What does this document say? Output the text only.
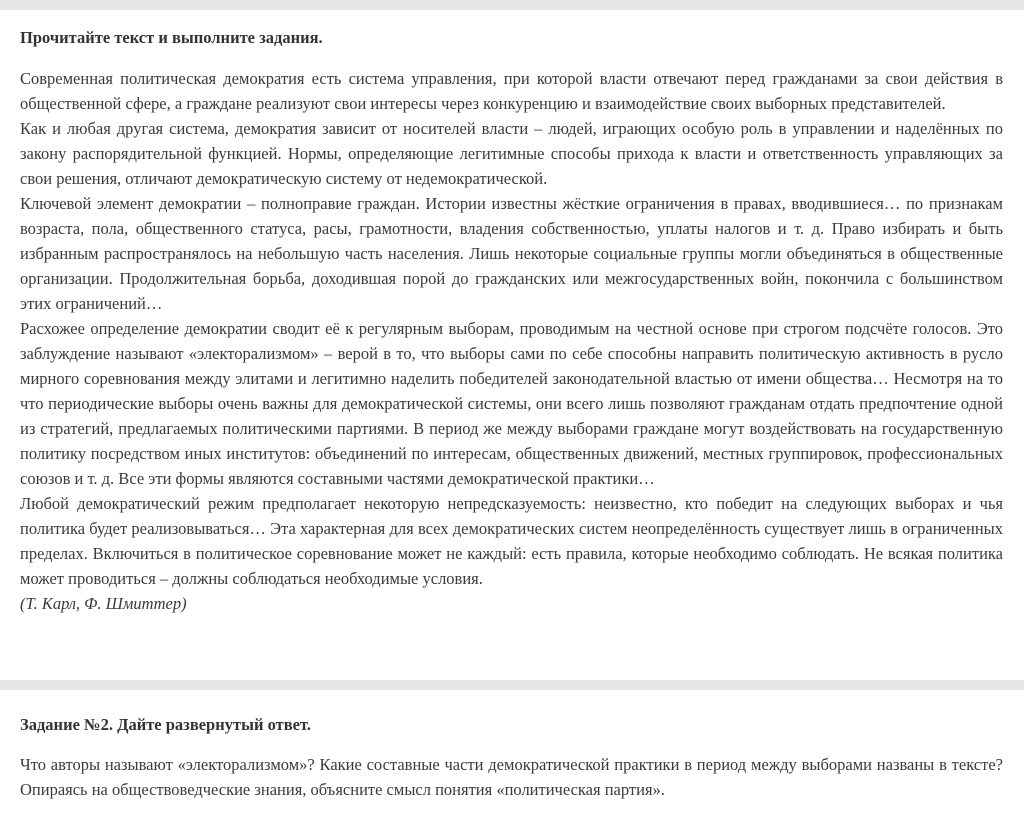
Прочитайте текст и выполните задания.

Современная политическая демократия есть система управления, при которой власти отвечают перед гражданами за свои действия в общественной сфере, а граждане реализуют свои интересы через конкуренцию и взаимодействие своих выборных представителей.

Как и любая другая система, демократия зависит от носителей власти – людей, играющих особую роль в управлении и наделённых по закону распорядительной функцией. Нормы, определяющие легитимные способы прихода к власти и ответственность управляющих за свои решения, отличают демократическую систему от недемократической.

Ключевой элемент демократии – полноправие граждан. Истории известны жёсткие ограничения в правах, вводившиеся… по признакам возраста, пола, общественного статуса, расы, грамотности, владения собственностью, уплаты налогов и т. д. Право избирать и быть избранным распространялось на небольшую часть населения. Лишь некоторые социальные группы могли объединяться в общественные организации. Продолжительная борьба, доходившая порой до гражданских или межгосударственных войн, покончила с большинством этих ограничений…

Расхожее определение демократии сводит её к регулярным выборам, проводимым на честной основе при строгом подсчёте голосов. Это заблуждение называют «электорализмом» – верой в то, что выборы сами по себе способны направить политическую активность в русло мирного соревнования между элитами и легитимно наделить победителей законодательной властью от имени общества… Несмотря на то что периодические выборы очень важны для демократической системы, они всего лишь позволяют гражданам отдать предпочтение одной из стратегий, предлагаемых политическими партиями. В период же между выборами граждане могут воздействовать на государственную политику посредством иных институтов: объединений по интересам, общественных движений, местных группировок, профессиональных союзов и т. д. Все эти формы являются составными частями демократической практики…

Любой демократический режим предполагает некоторую непредсказуемость: неизвестно, кто победит на следующих выборах и чья политика будет реализовываться… Эта характерная для всех демократических систем неопределённость существует лишь в ограниченных пределах. Включиться в политическое соревнование может не каждый: есть правила, которые необходимо соблюдать. Не всякая политика может проводиться – должны соблюдаться необходимые условия.

(Т. Карл, Ф. Шмиттер)

Задание №2. Дайте развернутый ответ.

Что авторы называют «электорализмом»? Какие составные части демократической практики в период между выборами названы в тексте? Опираясь на обществоведческие знания, объясните смысл понятия «политическая партия».
